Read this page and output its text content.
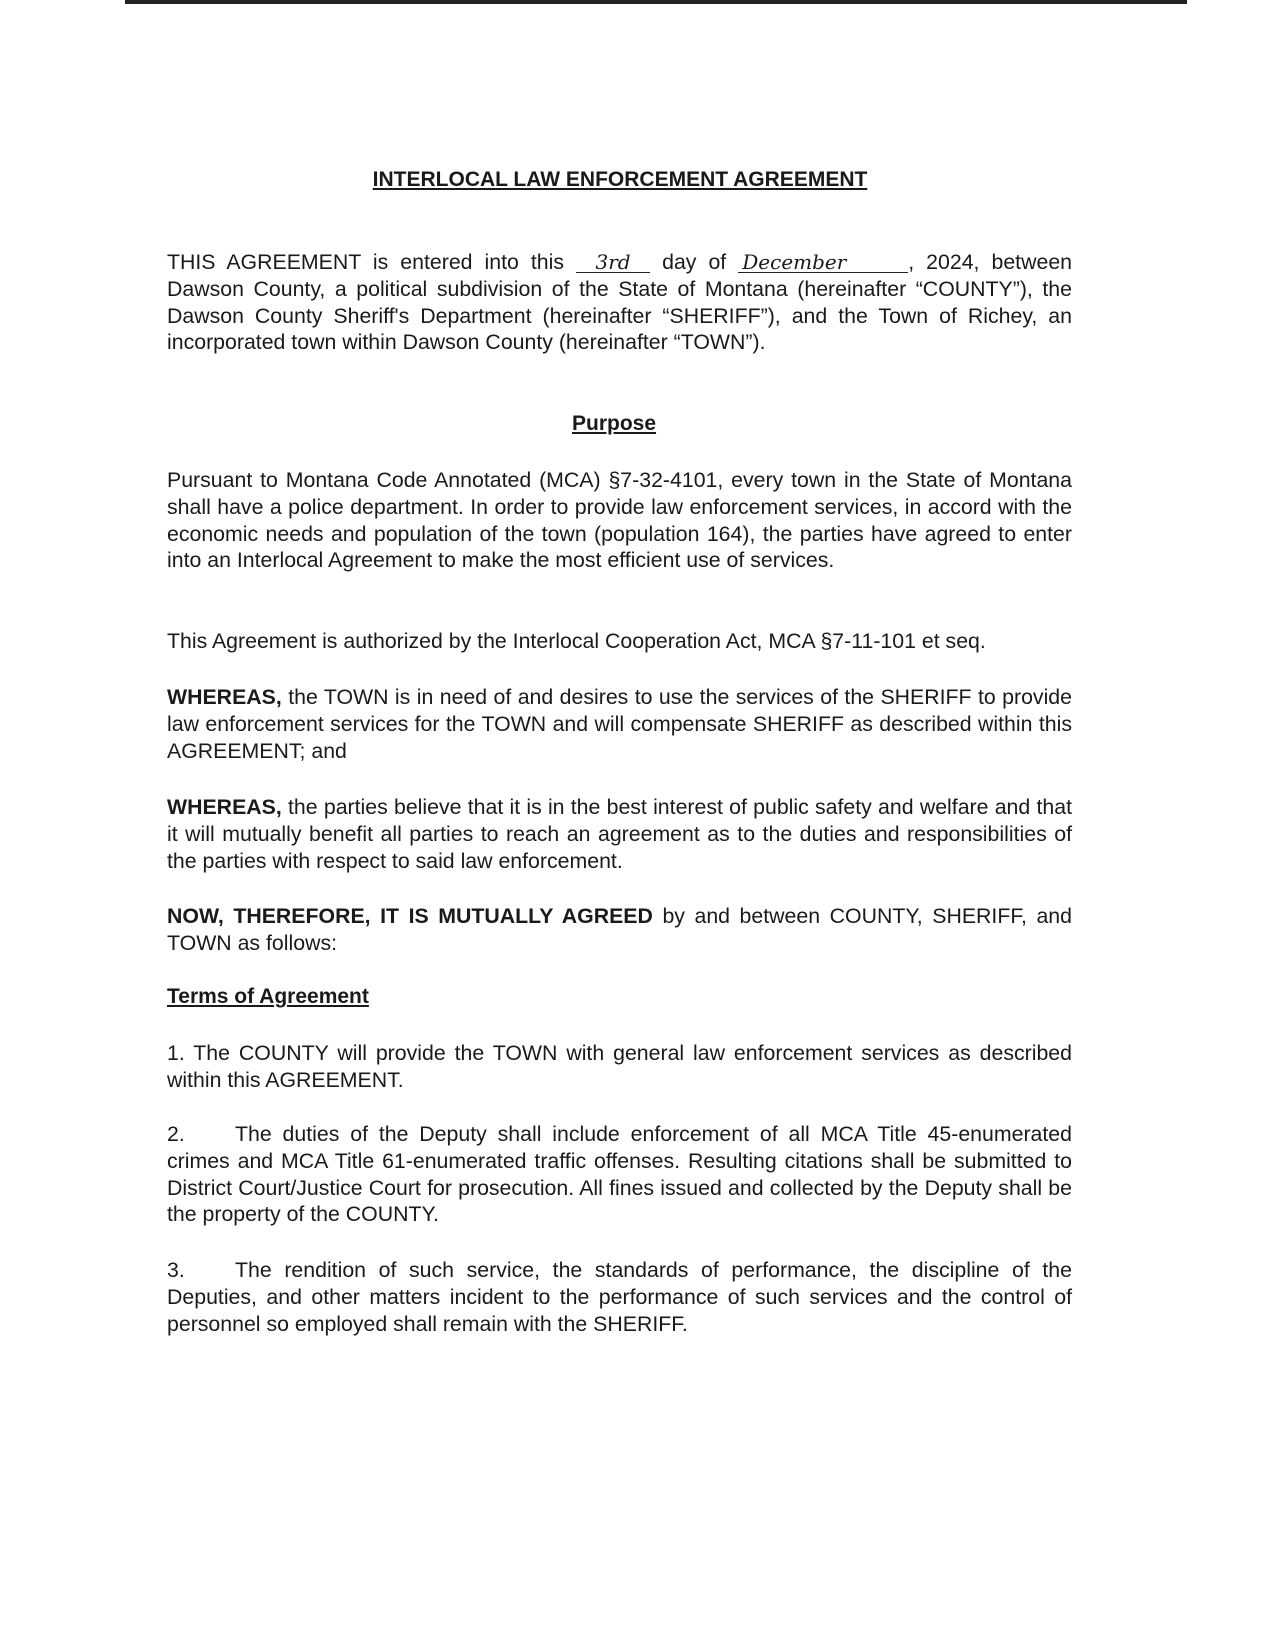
INTERLOCAL LAW ENFORCEMENT AGREEMENT
THIS AGREEMENT is entered into this 3rd day of December	, 2024, between Dawson County, a political subdivision of the State of Montana (hereinafter “COUNTY”), the Dawson County Sheriff's Department (hereinafter “SHERIFF”), and the Town of Richey, an incorporated town within Dawson County (hereinafter “TOWN”).
Purpose
Pursuant to Montana Code Annotated (MCA) §7-32-4101, every town in the State of Montana shall have a police department. In order to provide law enforcement services, in accord with the economic needs and population of the town (population 164), the parties have agreed to enter into an Interlocal Agreement to make the most efficient use of services.
This Agreement is authorized by the Interlocal Cooperation Act, MCA §7-11-101 et seq.
WHEREAS, the TOWN is in need of and desires to use the services of the SHERIFF to provide law enforcement services for the TOWN and will compensate SHERIFF as described within this AGREEMENT; and
WHEREAS, the parties believe that it is in the best interest of public safety and welfare and that it will mutually benefit all parties to reach an agreement as to the duties and responsibilities of the parties with respect to said law enforcement.
NOW, THEREFORE, IT IS MUTUALLY AGREED by and between COUNTY, SHERIFF, and TOWN as follows:
Terms of Agreement
1. The COUNTY will provide the TOWN with general law enforcement services as described within this AGREEMENT.
2. The duties of the Deputy shall include enforcement of all MCA Title 45-enumerated crimes and MCA Title 61-enumerated traffic offenses. Resulting citations shall be submitted to District Court/Justice Court for prosecution. All fines issued and collected by the Deputy shall be the property of the COUNTY.
3. The rendition of such service, the standards of performance, the discipline of the Deputies, and other matters incident to the performance of such services and the control of personnel so employed shall remain with the SHERIFF.
